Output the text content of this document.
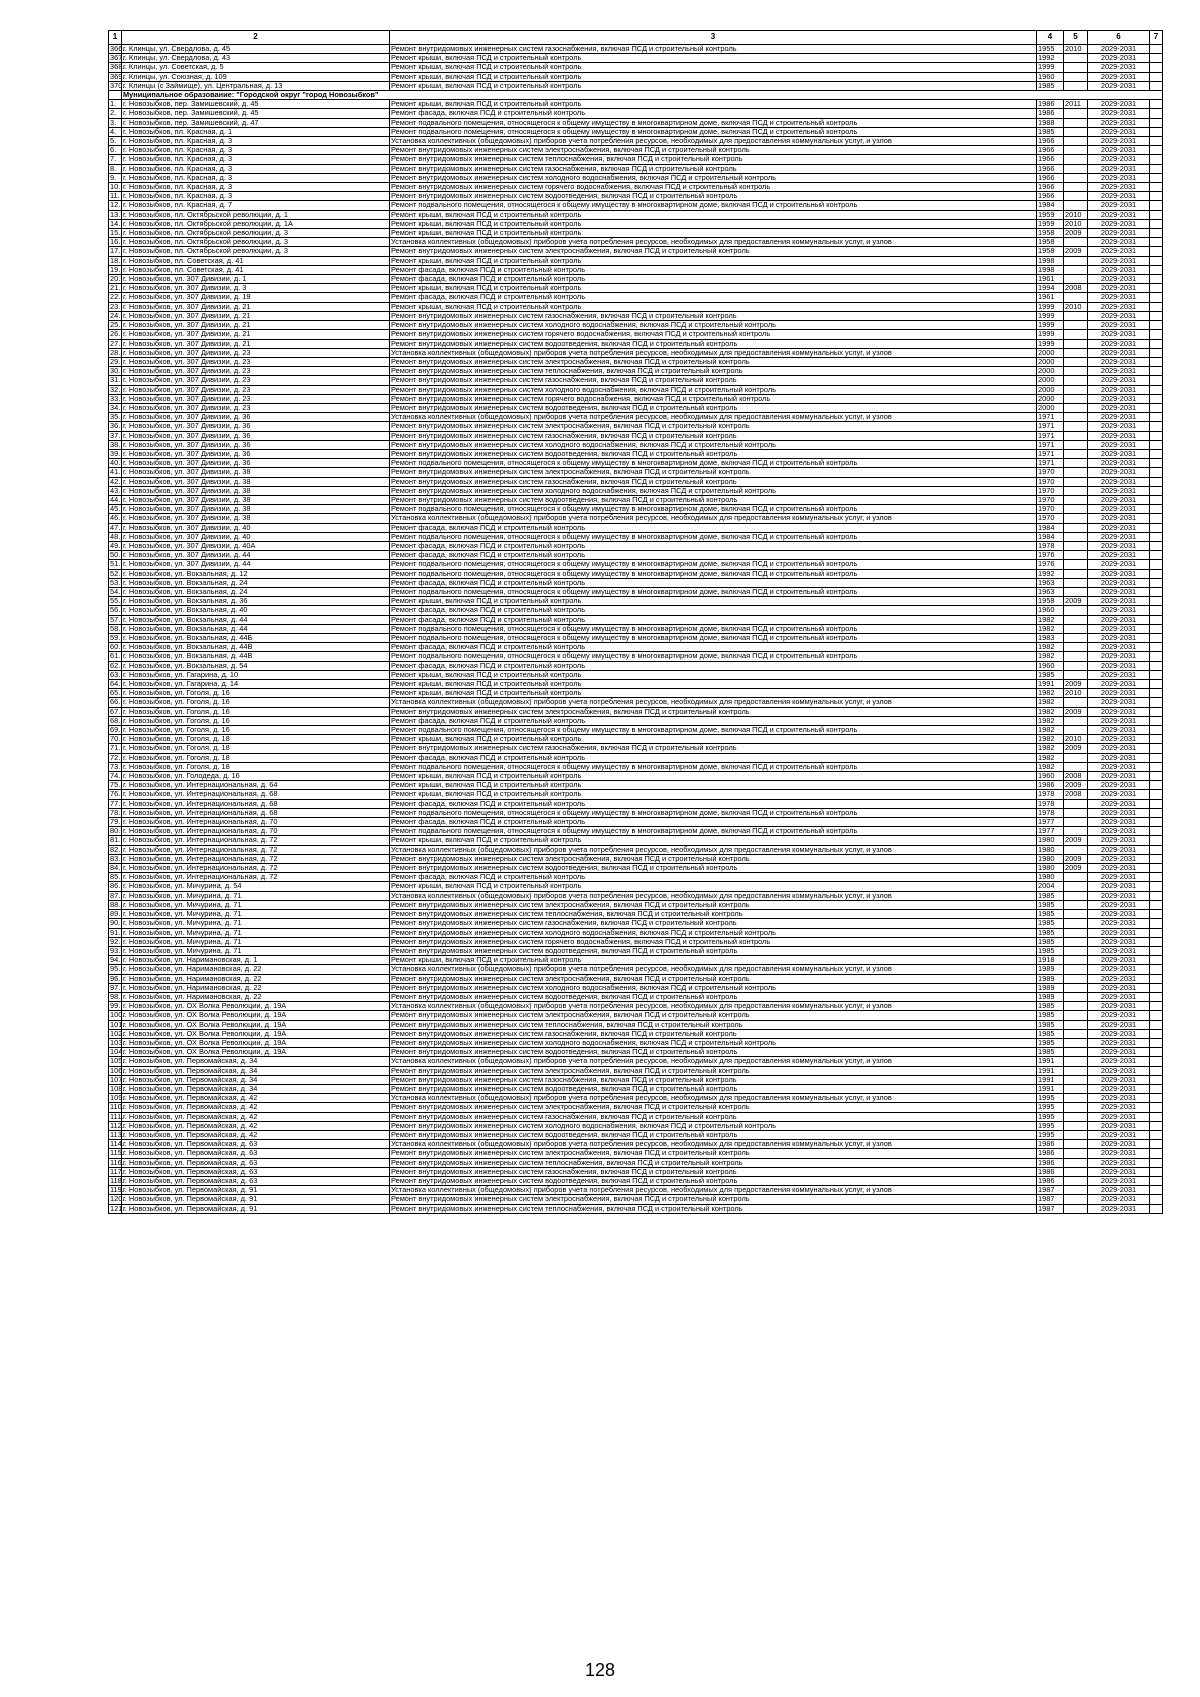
1	2	3	4	5	6	7
366.	г. Клинцы, ул. Свердлова, д. 45	Ремонт внутридомовых инженерных систем газоснабжения, включая ПСД и строительный контроль	1955	2010	2029-2031	
367.	г. Клинцы, ул. Свердлова, д. 43	Ремонт крыши, включая ПСД и строительный контроль	1992		2029-2031	
368.	г. Клинцы, ул. Советская, д. 5	Ремонт крыши, включая ПСД и строительный контроль	1999		2029-2031	
369.	г. Клинцы, ул. Союзная, д. 109	Ремонт крыши, включая ПСД и строительный контроль	1960		2029-2031	
370.	г. Клинцы (с Займище), ул. Центральная, д. 13	Ремонт крыши, включая ПСД и строительный контроль	1985		2029-2031	
	Муниципальное образование: "Городской округ "город Новозыбков"					
1.	г. Новозыбков, пер. Замишевский, д. 45	Ремонт крыши, включая ПСД и строительный контроль	1986	2011	2029-2031	
2.	г. Новозыбков, пер. Замишевский, д. 45	Ремонт фасада, включая ПСД и строительный контроль	1986		2029-2031	
3.	г. Новозыбков, пер. Замишевский, д. 47	Ремонт подвального помещения, относящегося к общему имуществу в многоквартирном доме, включая ПСД и строительный контроль	1988		2029-2031	
4.	г. Новозыбков, пл. Красная, д. 1	Ремонт подвального помещения, относящегося к общему имуществу в многоквартирном доме, включая ПСД и строительный контроль	1985		2029-2031	
5.	г. Новозыбков, пл. Красная, д. 3	Установка коллективных (общедомовых) приборов учета потребления ресурсов, необходимых для предоставления коммунальных услуг, и узлов	1966		2029-2031	
6.	г. Новозыбков, пл. Красная, д. 3	Ремонт внутридомовых инженерных систем электроснабжения, включая ПСД и строительный контроль	1966		2029-2031	
7.	г. Новозыбков, пл. Красная, д. 3	Ремонт внутридомовых инженерных систем теплоснабжения, включая ПСД и строительный контроль	1966		2029-2031	
8.	г. Новозыбков, пл. Красная, д. 3	Ремонт внутридомовых инженерных систем газоснабжения, включая ПСД и строительный контроль	1966		2029-2031	
9.	г. Новозыбков, пл. Красная, д. 3	Ремонт внутридомовых инженерных систем холодного водоснабжения, включая ПСД и строительный контроль	1966		2029-2031	
10.	г. Новозыбков, пл. Красная, д. 3	Ремонт внутридомовых инженерных систем горячего водоснабжения, включая ПСД и строительный контроль	1966		2029-2031	
11.	г. Новозыбков, пл. Красная, д. 3	Ремонт внутридомовых инженерных систем водоотведения, включая ПСД и строительный контроль	1966		2029-2031	
12.	г. Новозыбков, пл. Красная, д. 7	Ремонт подвального помещения, относящегося к общему имуществу в многоквартирном доме, включая ПСД и строительный контроль	1984		2029-2031	
13.	г. Новозыбков, пл. Октябрьской революции, д. 1	Ремонт крыши, включая ПСД и строительный контроль	1959	2010	2029-2031	
14.	г. Новозыбков, пл. Октябрьской революции, д. 1А	Ремонт крыши, включая ПСД и строительный контроль	1959	2010	2029-2031	
15.	г. Новозыбков, пл. Октябрьской революции, д. 3	Ремонт крыши, включая ПСД и строительный контроль	1958	2009	2029-2031	
16.	г. Новозыбков, пл. Октябрьской революции, д. 3	Установка коллективных (общедомовых) приборов учета потребления ресурсов, необходимых для предоставления коммунальных услуг, и узлов	1958		2029-2031	
17.	г. Новозыбков, пл. Октябрьской революции, д. 3	Ремонт внутридомовых инженерных систем электроснабжения, включая ПСД и строительный контроль	1958	2009	2029-2031	
18.	г. Новозыбков, пл. Советская, д. 41	Ремонт крыши, включая ПСД и строительный контроль	1998		2029-2031	
19.	г. Новозыбков, пл. Советская, д. 41	Ремонт фасада, включая ПСД и строительный контроль	1998		2029-2031	
20.	г. Новозыбков, ул. 307 Дивизии, д. 1	Ремонт фасада, включая ПСД и строительный контроль	1961		2029-2031	
21.	г. Новозыбков, ул. 307 Дивизии, д. 3	Ремонт крыши, включая ПСД и строительный контроль	1994	2008	2029-2031	
22.	г. Новозыбков, ул. 307 Дивизии, д. 19	Ремонт фасада, включая ПСД и строительный контроль	1961		2029-2031	
23.	г. Новозыбков, ул. 307 Дивизии, д. 21	Ремонт крыши, включая ПСД и строительный контроль	1999	2010	2029-2031	
24.	г. Новозыбков, ул. 307 Дивизии, д. 21	Ремонт внутридомовых инженерных систем газоснабжения, включая ПСД и строительный контроль	1999		2029-2031	
25.	г. Новозыбков, ул. 307 Дивизии, д. 21	Ремонт внутридомовых инженерных систем холодного водоснабжения, включая ПСД и строительный контроль	1999		2029-2031	
26.	г. Новозыбков, ул. 307 Дивизии, д. 21	Ремонт внутридомовых инженерных систем горячего водоснабжения, включая ПСД и строительный контроль	1999		2029-2031	
27.	г. Новозыбков, ул. 307 Дивизии, д. 21	Ремонт внутридомовых инженерных систем водоотведения, включая ПСД и строительный контроль	1999		2029-2031	
28.	г. Новозыбков, ул. 307 Дивизии, д. 23	Установка коллективных (общедомовых) приборов учета потребления ресурсов, необходимых для предоставления коммунальных услуг, и узлов	2000		2029-2031	
29.	г. Новозыбков, ул. 307 Дивизии, д. 23	Ремонт внутридомовых инженерных систем электроснабжения, включая ПСД и строительный контроль	2000		2029-2031	
30.	г. Новозыбков, ул. 307 Дивизии, д. 23	Ремонт внутридомовых инженерных систем теплоснабжения, включая ПСД и строительный контроль	2000		2029-2031	
31.	г. Новозыбков, ул. 307 Дивизии, д. 23	Ремонт внутридомовых инженерных систем газоснабжения, включая ПСД и строительный контроль	2000		2029-2031	
32.	г. Новозыбков, ул. 307 Дивизии, д. 23	Ремонт внутридомовых инженерных систем холодного водоснабжения, включая ПСД и строительный контроль	2000		2029-2031	
33.	г. Новозыбков, ул. 307 Дивизии, д. 23	Ремонт внутридомовых инженерных систем горячего водоснабжения, включая ПСД и строительный контроль	2000		2029-2031	
34.	г. Новозыбков, ул. 307 Дивизии, д. 23	Ремонт внутридомовых инженерных систем водоотведения, включая ПСД и строительный контроль	2000		2029-2031	
35.	г. Новозыбков, ул. 307 Дивизии, д. 36	Установка коллективных (общедомовых) приборов учета потребления ресурсов, необходимых для предоставления коммунальных услуг, и узлов	1971		2029-2031	
36.	г. Новозыбков, ул. 307 Дивизии, д. 36	Ремонт внутридомовых инженерных систем электроснабжения, включая ПСД и строительный контроль	1971		2029-2031	
37.	г. Новозыбков, ул. 307 Дивизии, д. 36	Ремонт внутридомовых инженерных систем газоснабжения, включая ПСД и строительный контроль	1971		2029-2031	
38.	г. Новозыбков, ул. 307 Дивизии, д. 36	Ремонт внутридомовых инженерных систем холодного водоснабжения, включая ПСД и строительный контроль	1971		2029-2031	
39.	г. Новозыбков, ул. 307 Дивизии, д. 36	Ремонт внутридомовых инженерных систем водоотведения, включая ПСД и строительный контроль	1971		2029-2031	
40.	г. Новозыбков, ул. 307 Дивизии, д. 36	Ремонт подвального помещения, относящегося к общему имуществу в многоквартирном доме, включая ПСД и строительный контроль	1971		2029-2031	
41.	г. Новозыбков, ул. 307 Дивизии, д. 38	Ремонт внутридомовых инженерных систем электроснабжения, включая ПСД и строительный контроль	1970		2029-2031	
42.	г. Новозыбков, ул. 307 Дивизии, д. 38	Ремонт внутридомовых инженерных систем газоснабжения, включая ПСД и строительный контроль	1970		2029-2031	
43.	г. Новозыбков, ул. 307 Дивизии, д. 38	Ремонт внутридомовых инженерных систем холодного водоснабжения, включая ПСД и строительный контроль	1970		2029-2031	
44.	г. Новозыбков, ул. 307 Дивизии, д. 38	Ремонт внутридомовых инженерных систем водоотведения, включая ПСД и строительный контроль	1970		2029-2031	
45.	г. Новозыбков, ул. 307 Дивизии, д. 38	Ремонт подвального помещения, относящегося к общему имуществу в многоквартирном доме, включая ПСД и строительный контроль	1970		2029-2031	
46.	г. Новозыбков, ул. 307 Дивизии, д. 38	Установка коллективных (общедомовых) приборов учета потребления ресурсов, необходимых для предоставления коммунальных услуг, и узлов	1970		2029-2031	
47.	г. Новозыбков, ул. 307 Дивизии, д. 40	Ремонт фасада, включая ПСД и строительный контроль	1984		2029-2031	
48.	г. Новозыбков, ул. 307 Дивизии, д. 40	Ремонт подвального помещения, относящегося к общему имуществу в многоквартирном доме, включая ПСД и строительный контроль	1984		2029-2031	
49.	г. Новозыбков, ул. 307 Дивизии, д. 40А	Ремонт фасада, включая ПСД и строительный контроль	1978		2029-2031	
50.	г. Новозыбков, ул. 307 Дивизии, д. 44	Ремонт фасада, включая ПСД и строительный контроль	1976		2029-2031	
51.	г. Новозыбков, ул. 307 Дивизии, д. 44	Ремонт подвального помещения, относящегося к общему имуществу в многоквартирном доме, включая ПСД и строительный контроль	1976		2029-2031	
52.	г. Новозыбков, ул. Вокзальная, д. 12	Ремонт подвального помещения, относящегося к общему имуществу в многоквартирном доме, включая ПСД и строительный контроль	1992		2029-2031	
53.	г. Новозыбков, ул. Вокзальная, д. 24	Ремонт фасада, включая ПСД и строительный контроль	1963		2029-2031	
54.	г. Новозыбков, ул. Вокзальная, д. 24	Ремонт подвального помещения, относящегося к общему имуществу в многоквартирном доме, включая ПСД и строительный контроль	1963		2029-2031	
55.	г. Новозыбков, ул. Вокзальная, д. 36	Ремонт крыши, включая ПСД и строительный контроль	1958	2009	2029-2031	
56.	г. Новозыбков, ул. Вокзальная, д. 40	Ремонт фасада, включая ПСД и строительный контроль	1960		2029-2031	
57.	г. Новозыбков, ул. Вокзальная, д. 44	Ремонт фасада, включая ПСД и строительный контроль	1982		2029-2031	
58.	г. Новозыбков, ул. Вокзальная, д. 44	Ремонт подвального помещения, относящегося к общему имуществу в многоквартирном доме, включая ПСД и строительный контроль	1982		2029-2031	
59.	г. Новозыбков, ул. Вокзальная, д. 44Б	Ремонт подвального помещения, относящегося к общему имуществу в многоквартирном доме, включая ПСД и строительный контроль	1983		2029-2031	
60.	г. Новозыбков, ул. Вокзальная, д. 44В	Ремонт фасада, включая ПСД и строительный контроль	1982		2029-2031	
61.	г. Новозыбков, ул. Вокзальная, д. 44В	Ремонт подвального помещения, относящегося к общему имуществу в многоквартирном доме, включая ПСД и строительный контроль	1982		2029-2031	
62.	г. Новозыбков, ул. Вокзальная, д. 54	Ремонт фасада, включая ПСД и строительный контроль	1960		2029-2031	
63.	г. Новозыбков, ул. Гагарина, д. 10	Ремонт крыши, включая ПСД и строительный контроль	1985		2029-2031	
64.	г. Новозыбков, ул. Гагарина, д. 14	Ремонт крыши, включая ПСД и строительный контроль	1991	2009	2029-2031	
65.	г. Новозыбков, ул. Гоголя, д. 16	Ремонт крыши, включая ПСД и строительный контроль	1982	2010	2029-2031	
66.	г. Новозыбков, ул. Гоголя, д. 16	Установка коллективных (общедомовых) приборов учета потребления ресурсов, необходимых для предоставления коммунальных услуг, и узлов	1982		2029-2031	
67.	г. Новозыбков, ул. Гоголя, д. 16	Ремонт внутридомовых инженерных систем электроснабжения, включая ПСД и строительный контроль	1982	2009	2029-2031	
68.	г. Новозыбков, ул. Гоголя, д. 16	Ремонт фасада, включая ПСД и строительный контроль	1982		2029-2031	
69.	г. Новозыбков, ул. Гоголя, д. 16	Ремонт подвального помещения, относящегося к общему имуществу в многоквартирном доме, включая ПСД и строительный контроль	1982		2029-2031	
70.	г. Новозыбков, ул. Гоголя, д. 18	Ремонт крыши, включая ПСД и строительный контроль	1982	2010	2029-2031	
71.	г. Новозыбков, ул. Гоголя, д. 18	Ремонт внутридомовых инженерных систем газоснабжения, включая ПСД и строительный контроль	1982	2009	2029-2031	
72.	г. Новозыбков, ул. Гоголя, д. 18	Ремонт фасада, включая ПСД и строительный контроль	1982		2029-2031	
73.	г. Новозыбков, ул. Гоголя, д. 18	Ремонт подвального помещения, относящегося к общему имуществу в многоквартирном доме, включая ПСД и строительный контроль	1982		2029-2031	
74.	г. Новозыбков, ул. Голодеда, д. 16	Ремонт крыши, включая ПСД и строительный контроль	1960	2008	2029-2031	
75.	г. Новозыбков, ул. Интернациональная, д. 64	Ремонт крыши, включая ПСД и строительный контроль	1986	2009	2029-2031	
76.	г. Новозыбков, ул. Интернациональная, д. 68	Ремонт крыши, включая ПСД и строительный контроль	1978	2008	2029-2031	
77.	г. Новозыбков, ул. Интернациональная, д. 68	Ремонт фасада, включая ПСД и строительный контроль	1978		2029-2031	
78.	г. Новозыбков, ул. Интернациональная, д. 68	Ремонт подвального помещения, относящегося к общему имуществу в многоквартирном доме, включая ПСД и строительный контроль	1978		2029-2031	
79.	г. Новозыбков, ул. Интернациональная, д. 70	Ремонт фасада, включая ПСД и строительный контроль	1977		2029-2031	
80.	г. Новозыбков, ул. Интернациональная, д. 70	Ремонт подвального помещения, относящегося к общему имуществу в многоквартирном доме, включая ПСД и строительный контроль	1977		2029-2031	
81.	г. Новозыбков, ул. Интернациональная, д. 72	Ремонт крыши, включая ПСД и строительный контроль	1980	2009	2029-2031	
82.	г. Новозыбков, ул. Интернациональная, д. 72	Установка коллективных (общедомовых) приборов учета потребления ресурсов, необходимых для предоставления коммунальных услуг, и узлов	1980		2029-2031	
83.	г. Новозыбков, ул. Интернациональная, д. 72	Ремонт внутридомовых инженерных систем электроснабжения, включая ПСД и строительный контроль	1980	2009	2029-2031	
84.	г. Новозыбков, ул. Интернациональная, д. 72	Ремонт внутридомовых инженерных систем водоотведения, включая ПСД и строительный контроль	1980	2009	2029-2031	
85.	г. Новозыбков, ул. Интернациональная, д. 72	Ремонт фасада, включая ПСД и строительный контроль	1980		2029-2031	
86.	г. Новозыбков, ул. Мичурина, д. 54	Ремонт крыши, включая ПСД и строительный контроль	2004		2029-2031	
87.	г. Новозыбков, ул. Мичурина, д. 71	Установка коллективных (общедомовых) приборов учета потребления ресурсов, необходимых для предоставления коммунальных услуг, и узлов	1985		2029-2031	
88.	г. Новозыбков, ул. Мичурина, д. 71	Ремонт внутридомовых инженерных систем электроснабжения, включая ПСД и строительный контроль	1985		2029-2031	
89.	г. Новозыбков, ул. Мичурина, д. 71	Ремонт внутридомовых инженерных систем теплоснабжения, включая ПСД и строительный контроль	1985		2029-2031	
90.	г. Новозыбков, ул. Мичурина, д. 71	Ремонт внутридомовых инженерных систем газоснабжения, включая ПСД и строительный контроль	1985		2029-2031	
91.	г. Новозыбков, ул. Мичурина, д. 71	Ремонт внутридомовых инженерных систем холодного водоснабжения, включая ПСД и строительный контроль	1985		2029-2031	
92.	г. Новозыбков, ул. Мичурина, д. 71	Ремонт внутридомовых инженерных систем горячего водоснабжения, включая ПСД и строительный контроль	1985		2029-2031	
93.	г. Новозыбков, ул. Мичурина, д. 71	Ремонт внутридомовых инженерных систем водоотведения, включая ПСД и строительный контроль	1985		2029-2031	
94.	г. Новозыбков, ул. Наримановская, д. 1	Ремонт крыши, включая ПСД и строительный контроль	1918		2029-2031	
95.	г. Новозыбков, ул. Наримановская, д. 22	Установка коллективных (общедомовых) приборов учета потребления ресурсов, необходимых для предоставления коммунальных услуг, и узлов	1989		2029-2031	
96.	г. Новозыбков, ул. Наримановская, д. 22	Ремонт внутридомовых инженерных систем электроснабжения, включая ПСД и строительный контроль	1989		2029-2031	
97.	г. Новозыбков, ул. Наримановская, д. 22	Ремонт внутридомовых инженерных систем холодного водоснабжения, включая ПСД и строительный контроль	1989		2029-2031	
98.	г. Новозыбков, ул. Наримановская, д. 22	Ремонт внутридомовых инженерных систем водоотведения, включая ПСД и строительный контроль	1989		2029-2031	
99.	г. Новозыбков, ул. ОХ Волка Революции, д. 19А	Установка коллективных (общедомовых) приборов учета потребления ресурсов, необходимых для предоставления коммунальных услуг, и узлов	1985		2029-2031	
100.	г. Новозыбков, ул. ОХ Волка Революции, д. 19А	Ремонт внутридомовых инженерных систем электроснабжения, включая ПСД и строительный контроль	1985		2029-2031	
101.	г. Новозыбков, ул. ОХ Волка Революции, д. 19А	Ремонт внутридомовых инженерных систем теплоснабжения, включая ПСД и строительный контроль	1985		2029-2031	
102.	г. Новозыбков, ул. ОХ Волка Революции, д. 19А	Ремонт внутридомовых инженерных систем газоснабжения, включая ПСД и строительный контроль	1985		2029-2031	
103.	г. Новозыбков, ул. ОХ Волка Революции, д. 19А	Ремонт внутридомовых инженерных систем холодного водоснабжения, включая ПСД и строительный контроль	1985		2029-2031	
104.	г. Новозыбков, ул. ОХ Волка Революции, д. 19А	Ремонт внутридомовых инженерных систем водоотведения, включая ПСД и строительный контроль	1985		2029-2031	
105.	г. Новозыбков, ул. Первомайская, д. 34	Установка коллективных (общедомовых) приборов учета потребления ресурсов, необходимых для предоставления коммунальных услуг, и узлов	1991		2029-2031	
106.	г. Новозыбков, ул. Первомайская, д. 34	Ремонт внутридомовых инженерных систем электроснабжения, включая ПСД и строительный контроль	1991		2029-2031	
107.	г. Новозыбков, ул. Первомайская, д. 34	Ремонт внутридомовых инженерных систем газоснабжения, включая ПСД и строительный контроль	1991		2029-2031	
108.	г. Новозыбков, ул. Первомайская, д. 34	Ремонт внутридомовых инженерных систем водоотведения, включая ПСД и строительный контроль	1991		2029-2031	
109.	г. Новозыбков, ул. Первомайская, д. 42	Установка коллективных (общедомовых) приборов учета потребления ресурсов, необходимых для предоставления коммунальных услуг, и узлов	1995		2029-2031	
110.	г. Новозыбков, ул. Первомайская, д. 42	Ремонт внутридомовых инженерных систем электроснабжения, включая ПСД и строительный контроль	1995		2029-2031	
111.	г. Новозыбков, ул. Первомайская, д. 42	Ремонт внутридомовых инженерных систем газоснабжения, включая ПСД и строительный контроль	1995		2029-2031	
112.	г. Новозыбков, ул. Первомайская, д. 42	Ремонт внутридомовых инженерных систем холодного водоснабжения, включая ПСД и строительный контроль	1995		2029-2031	
113.	г. Новозыбков, ул. Первомайская, д. 42	Ремонт внутридомовых инженерных систем водоотведения, включая ПСД и строительный контроль	1995		2029-2031	
114.	г. Новозыбков, ул. Первомайская, д. 63	Установка коллективных (общедомовых) приборов учета потребления ресурсов, необходимых для предоставления коммунальных услуг, и узлов	1986		2029-2031	
115.	г. Новозыбков, ул. Первомайская, д. 63	Ремонт внутридомовых инженерных систем электроснабжения, включая ПСД и строительный контроль	1986		2029-2031	
116.	г. Новозыбков, ул. Первомайская, д. 63	Ремонт внутридомовых инженерных систем теплоснабжения, включая ПСД и строительный контроль	1986		2029-2031	
117.	г. Новозыбков, ул. Первомайская, д. 63	Ремонт внутридомовых инженерных систем газоснабжения, включая ПСД и строительный контроль	1986		2029-2031	
118.	г. Новозыбков, ул. Первомайская, д. 63	Ремонт внутридомовых инженерных систем водоотведения, включая ПСД и строительный контроль	1986		2029-2031	
119.	г. Новозыбков, ул. Первомайская, д. 91	Установка коллективных (общедомовых) приборов учета потребления ресурсов, необходимых для предоставления коммунальных услуг, и узлов	1987		2029-2031	
120.	г. Новозыбков, ул. Первомайская, д. 91	Ремонт внутридомовых инженерных систем электроснабжения, включая ПСД и строительный контроль	1987		2029-2031	
121.	г. Новозыбков, ул. Первомайская, д. 91	Ремонт внутридомовых инженерных систем теплоснабжения, включая ПСД и строительный контроль	1987		2029-2031	
128
